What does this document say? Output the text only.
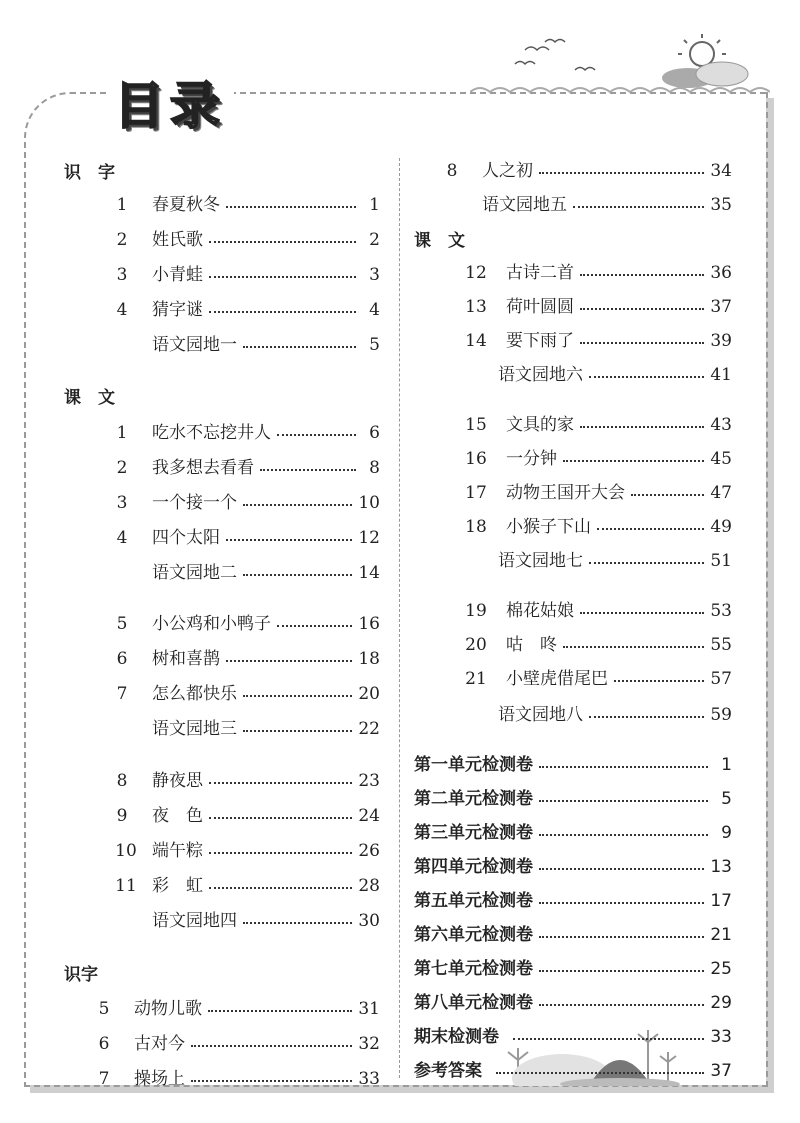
目录
识　字
1 春夏秋冬	1
2 姓氏歌	2
3 小青蛙	3
4 猜字谜	4
语文园地一	5
课　文
1 吃水不忘挖井人	6
2 我多想去看看	8
3 一个接一个	10
4 四个太阳	12
语文园地二	14
5 小公鸡和小鸭子	16
6 树和喜鹊	18
7 怎么都快乐	20
语文园地三	22
8 静夜思	23
9 夜　色	24
10 端午粽	26
11 彩　虹	28
语文园地四	30
识字
5 动物儿歌	31
6 古对今	32
7 操场上	33
8 人之初	34
语文园地五	35
课　文
12 古诗二首	36
13 荷叶圆圆	37
14 要下雨了	39
语文园地六	41
15 文具的家	43
16 一分钟	45
17 动物王国开大会	47
18 小猴子下山	49
语文园地七	51
19 棉花姑娘	53
20 咕　咚	55
21 小壁虎借尾巴	57
语文园地八	59
第一单元检测卷	1
第二单元检测卷	5
第三单元检测卷	9
第四单元检测卷	13
第五单元检测卷	17
第六单元检测卷	21
第七单元检测卷	25
第八单元检测卷	29
期末检测卷	33
参考答案	37
